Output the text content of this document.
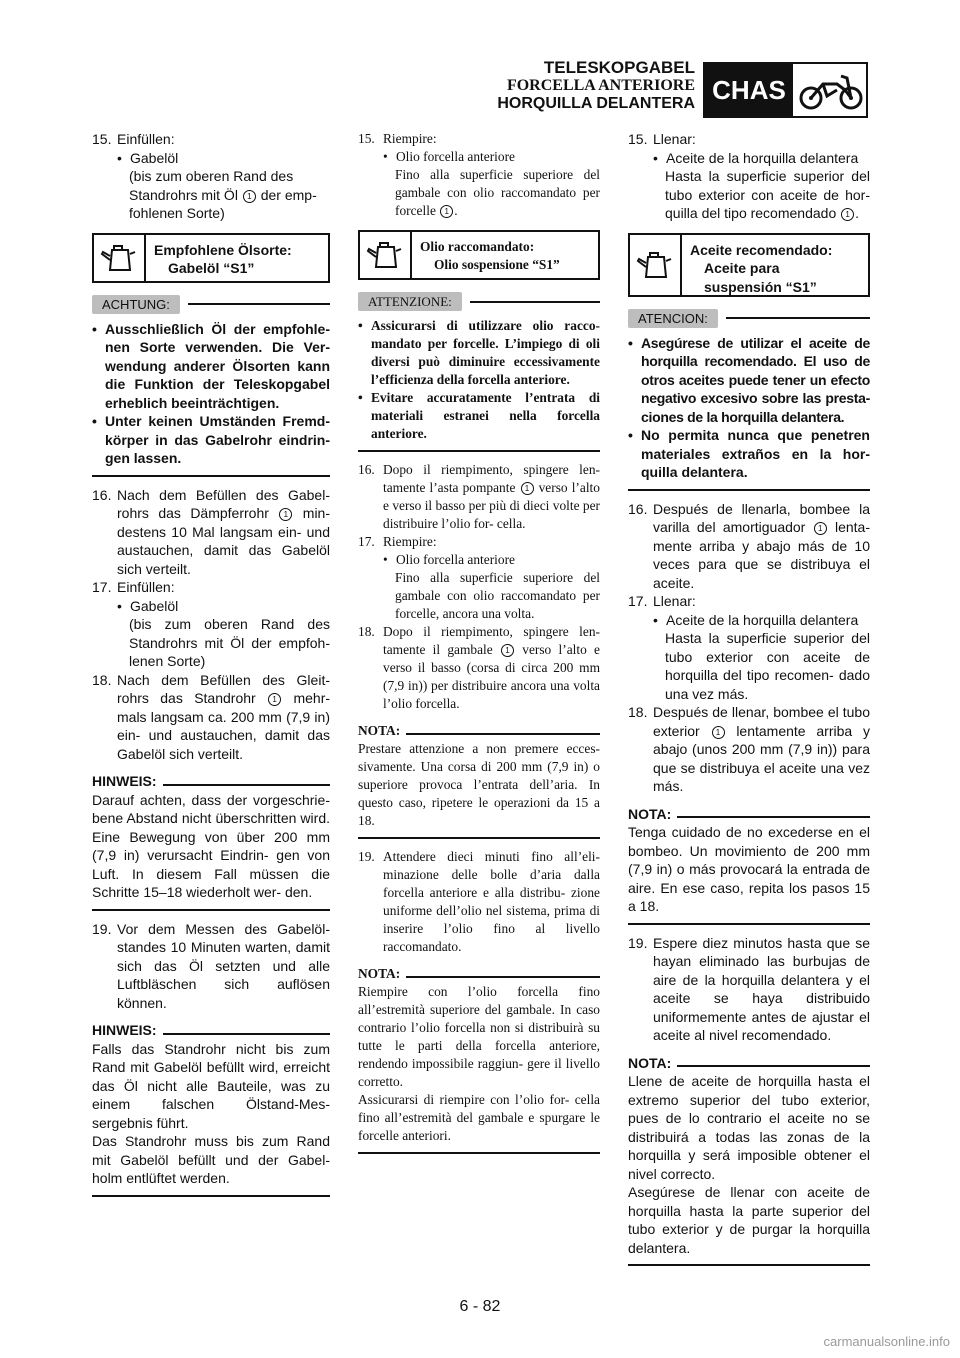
TELESKOPGABEL
FORCELLA ANTERIORE
HORQUILLA DELANTERA CHAS
15. Einfüllen:
• Gabelöl
(bis zum oberen Rand des
Standrohrs mit Öl 1 der emp-
fohlenen Sorte)
Empfohlene Ölsorte:
Gabelöl “S1”
ACHTUNG:
• Ausschließlich Öl der empfohle- nen Sorte verwenden. Die Ver- wendung anderer Ölsorten kann die Funktion der Teleskopgabel erheblich beeinträchtigen.
• Unter keinen Umständen Fremd- körper in das Gabelrohr eindrin- gen lassen.
16. Nach dem Befüllen des Gabel- rohrs das Dämpferrohr 1 min- destens 10 Mal langsam ein- und austauchen, damit das Gabelöl sich verteilt.
17. Einfüllen:
• Gabelöl
(bis zum oberen Rand des Standrohrs mit Öl der empfoh- lenen Sorte)
18. Nach dem Befüllen des Gleit- rohrs das Standrohr 1 mehr- mals langsam ca. 200 mm (7,9 in) ein- und austauchen, damit das Gabelöl sich verteilt.
HINWEIS:

Darauf achten, dass der vorgeschrie- bene Abstand nicht überschritten wird. Eine Bewegung von über 200 mm (7,9 in) verursacht Eindrin- gen von Luft. In diesem Fall müssen die Schritte 15–18 wiederholt wer- den.

19. Vor dem Messen des Gabelöl- standes 10 Minuten warten, damit sich das Öl setzten und alle Luftbläschen sich auflösen können.
HINWEIS:

Falls das Standrohr nicht bis zum Rand mit Gabelöl befüllt wird, erreicht das Öl nicht alle Bauteile, was zu einem falschen Ölstand-Mes- sergebnis führt.

Das Standrohr muss bis zum Rand mit Gabelöl befüllt und der Gabel- holm entlüftet werden.

15. Riempire:
• Olio forcella anteriore
Fino alla superficie superiore del gambale con olio raccomandato per forcelle 1 .
Olio raccomandato:
Olio sospensione “S1”
ATTENZIONE:
• Assicurarsi di utilizzare olio racco- mandato per forcelle. L’impiego di oli diversi può diminuire eccessivamente l’efficienza della forcella anteriore.
• Evitare accuratamente l’entrata di materiali estranei nella forcella anteriore.
16. Dopo il riempimento, spingere len- tamente l’asta pompante 1 verso l’alto e verso il basso per più di dieci volte per distribuire l’olio for- cella.
17. Riempire:
• Olio forcella anteriore
Fino alla superficie superiore del gambale con olio raccomandato per forcelle, ancora una volta.
18. Dopo il riempimento, spingere len- tamente il gambale 1 verso l’alto e verso il basso (corsa di circa 200 mm (7,9 in)) per distribuire ancora una volta l’olio forcella.
NOTA:

Prestare attenzione a non premere ecces- sivamente. Una corsa di 200 mm (7,9 in) o superiore provoca l’entrata dell’aria. In questo caso, ripetere le operazioni da 15 a 18.

19. Attendere dieci minuti fino all’eli- minazione delle bolle d’aria dalla forcella anteriore e alla distribu- zione uniforme dell’olio nel sistema, prima di inserire l’olio fino al livello raccomandato.
NOTA:

Riempire con l’olio forcella fino all’estremità superiore del gambale. In caso contrario l’olio forcella non si distribuirà su tutte le parti della forcella anteriore, rendendo impossibile raggiun- gere il livello corretto.

Assicurarsi di riempire con l’olio for- cella fino all’estremità del gambale e spurgare le forcelle anteriori.

15. Llenar:
• Aceite de la horquilla delantera
Hasta la superficie superior del tubo exterior con aceite de hor- quilla del tipo recomendado 1 .
Aceite recomendado:
Aceite para
suspensión “S1”
ATENCION:
• Asegúrese de utilizar el aceite de horquilla recomendado. El uso de otros aceites puede tener un efecto negativo excesivo sobre las presta- ciones de la horquilla delantera.
• No permita nunca que penetren materiales extraños en la hor- quilla delantera.
16. Después de llenarla, bombee la varilla del amortiguador 1 lenta- mente arriba y abajo más de 10 veces para que se distribuya el aceite.
17. Llenar:
• Aceite de la horquilla delantera
Hasta la superficie superior del tubo exterior con aceite de horquilla del tipo recomen- dado una vez más.
18. Después de llenar, bombee el tubo exterior 1 lentamente arriba y abajo (unos 200 mm (7,9 in)) para que se distribuya el aceite una vez más.
NOTA:

Tenga cuidado de no excederse en el bombeo. Un movimiento de 200 mm (7,9 in) o más provocará la entrada de aire. En ese caso, repita los pasos 15 a 18.

19. Espere diez minutos hasta que se hayan eliminado las burbujas de aire de la horquilla delantera y el aceite se haya distribuido uniformemente antes de ajustar el aceite al nivel recomendado.
NOTA:

Llene de aceite de horquilla hasta el extremo superior del tubo exterior, pues de lo contrario el aceite no se distribuirá a todas las zonas de la horquilla y será imposible obtener el nivel correcto.

Asegúrese de llenar con aceite de horquilla hasta la parte superior del tubo exterior y de purgar la horquilla delantera.

6 - 82
carmanualsonline.info
